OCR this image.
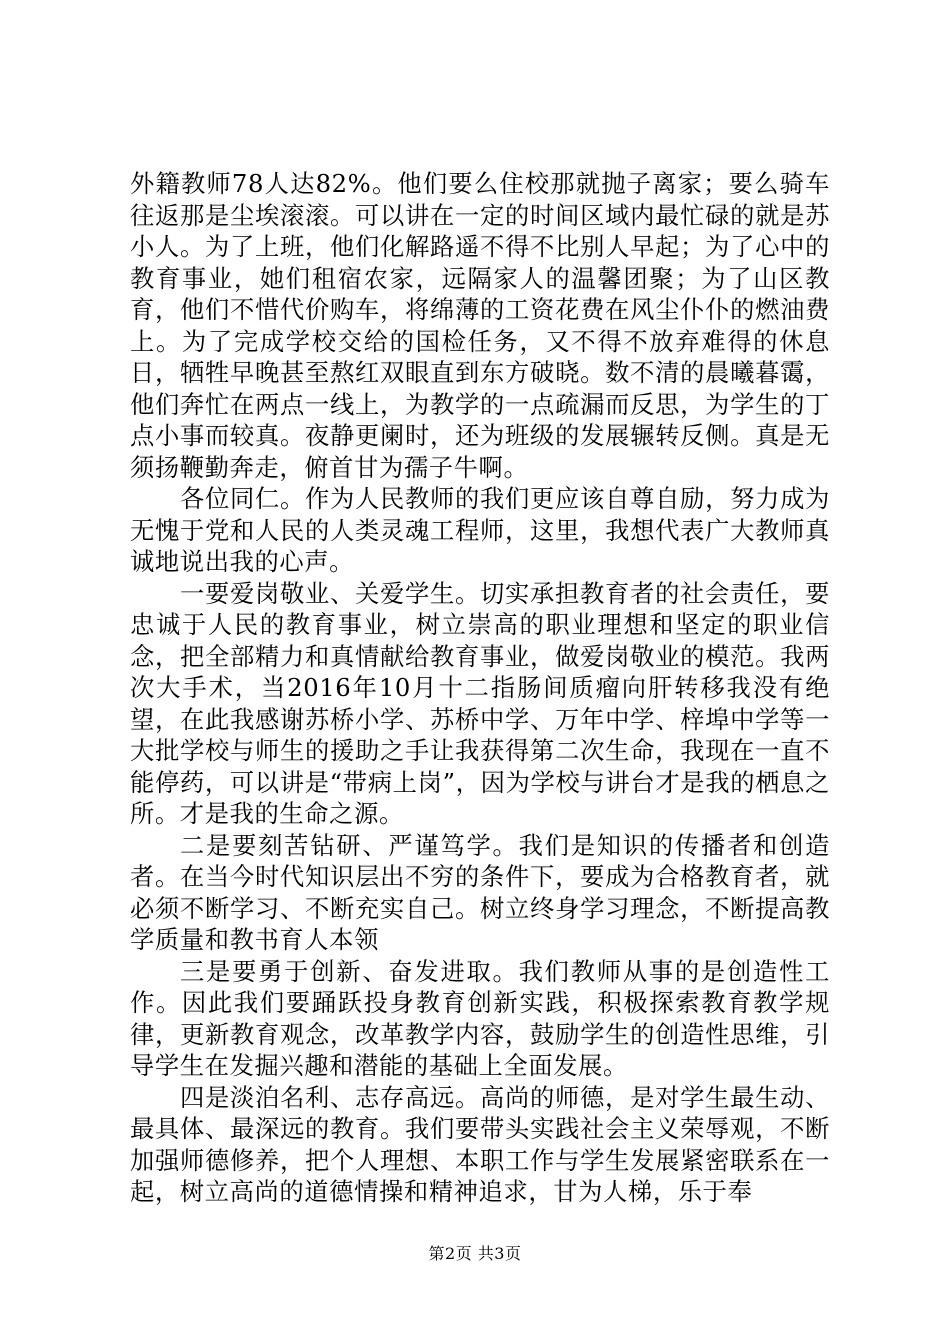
外籍教师78人达82%。他们要么住校那就抛子离家；要么骑车往返那是尘埃滚滚。可以讲在一定的时间区域内最忙碌的就是苏小人。为了上班，他们化解路遥不得不比别人早起；为了心中的教育事业，她们租宿农家，远隔家人的温馨团聚；为了山区教育，他们不惜代价购车，将绵薄的工资花费在风尘仆仆的燃油费上。为了完成学校交给的国检任务，又不得不放弃难得的休息日，牺牲早晚甚至熬红双眼直到东方破晓。数不清的晨曦暮霭，他们奔忙在两点一线上，为教学的一点疏漏而反思，为学生的丁点小事而较真。夜静更阑时，还为班级的发展辗转反侧。真是无须扬鞭勤奔走，俯首甘为孺子牛啊。

各位同仁。作为人民教师的我们更应该自尊自励，努力成为无愧于党和人民的人类灵魂工程师，这里，我想代表广大教师真诚地说出我的心声。

一要爱岗敬业、关爱学生。切实承担教育者的社会责任，要忠诚于人民的教育事业，树立崇高的职业理想和坚定的职业信念，把全部精力和真情献给教育事业，做爱岗敬业的模范。我两次大手术，当2016年10月十二指肠间质瘤向肝转移我没有绝望，在此我感谢苏桥小学、苏桥中学、万年中学、梓埠中学等一大批学校与师生的援助之手让我获得第二次生命，我现在一直不能停药，可以讲是“带病上岗”，因为学校与讲台才是我的栖息之所。才是我的生命之源。

二是要刻苦钻研、严谨笃学。我们是知识的传播者和创造者。在当今时代知识层出不穷的条件下，要成为合格教育者，就必须不断学习、不断充实自己。树立终身学习理念，不断提高教学质量和教书育人本领

三是要勇于创新、奋发进取。我们教师从事的是创造性工作。因此我们要踊跃投身教育创新实践，积极探索教育教学规律，更新教育观念，改革教学内容，鼓励学生的创造性思维，引导学生在发掘兴趣和潜能的基础上全面发展。

四是淡泊名利、志存高远。高尚的师德，是对学生最生动、最具体、最深远的教育。我们要带头实践社会主义荣辱观，不断加强师德修养，把个人理想、本职工作与学生发展紧密联系在一起，树立高尚的道德情操和精神追求，甘为人梯，乐于奉

第2页 共3页
